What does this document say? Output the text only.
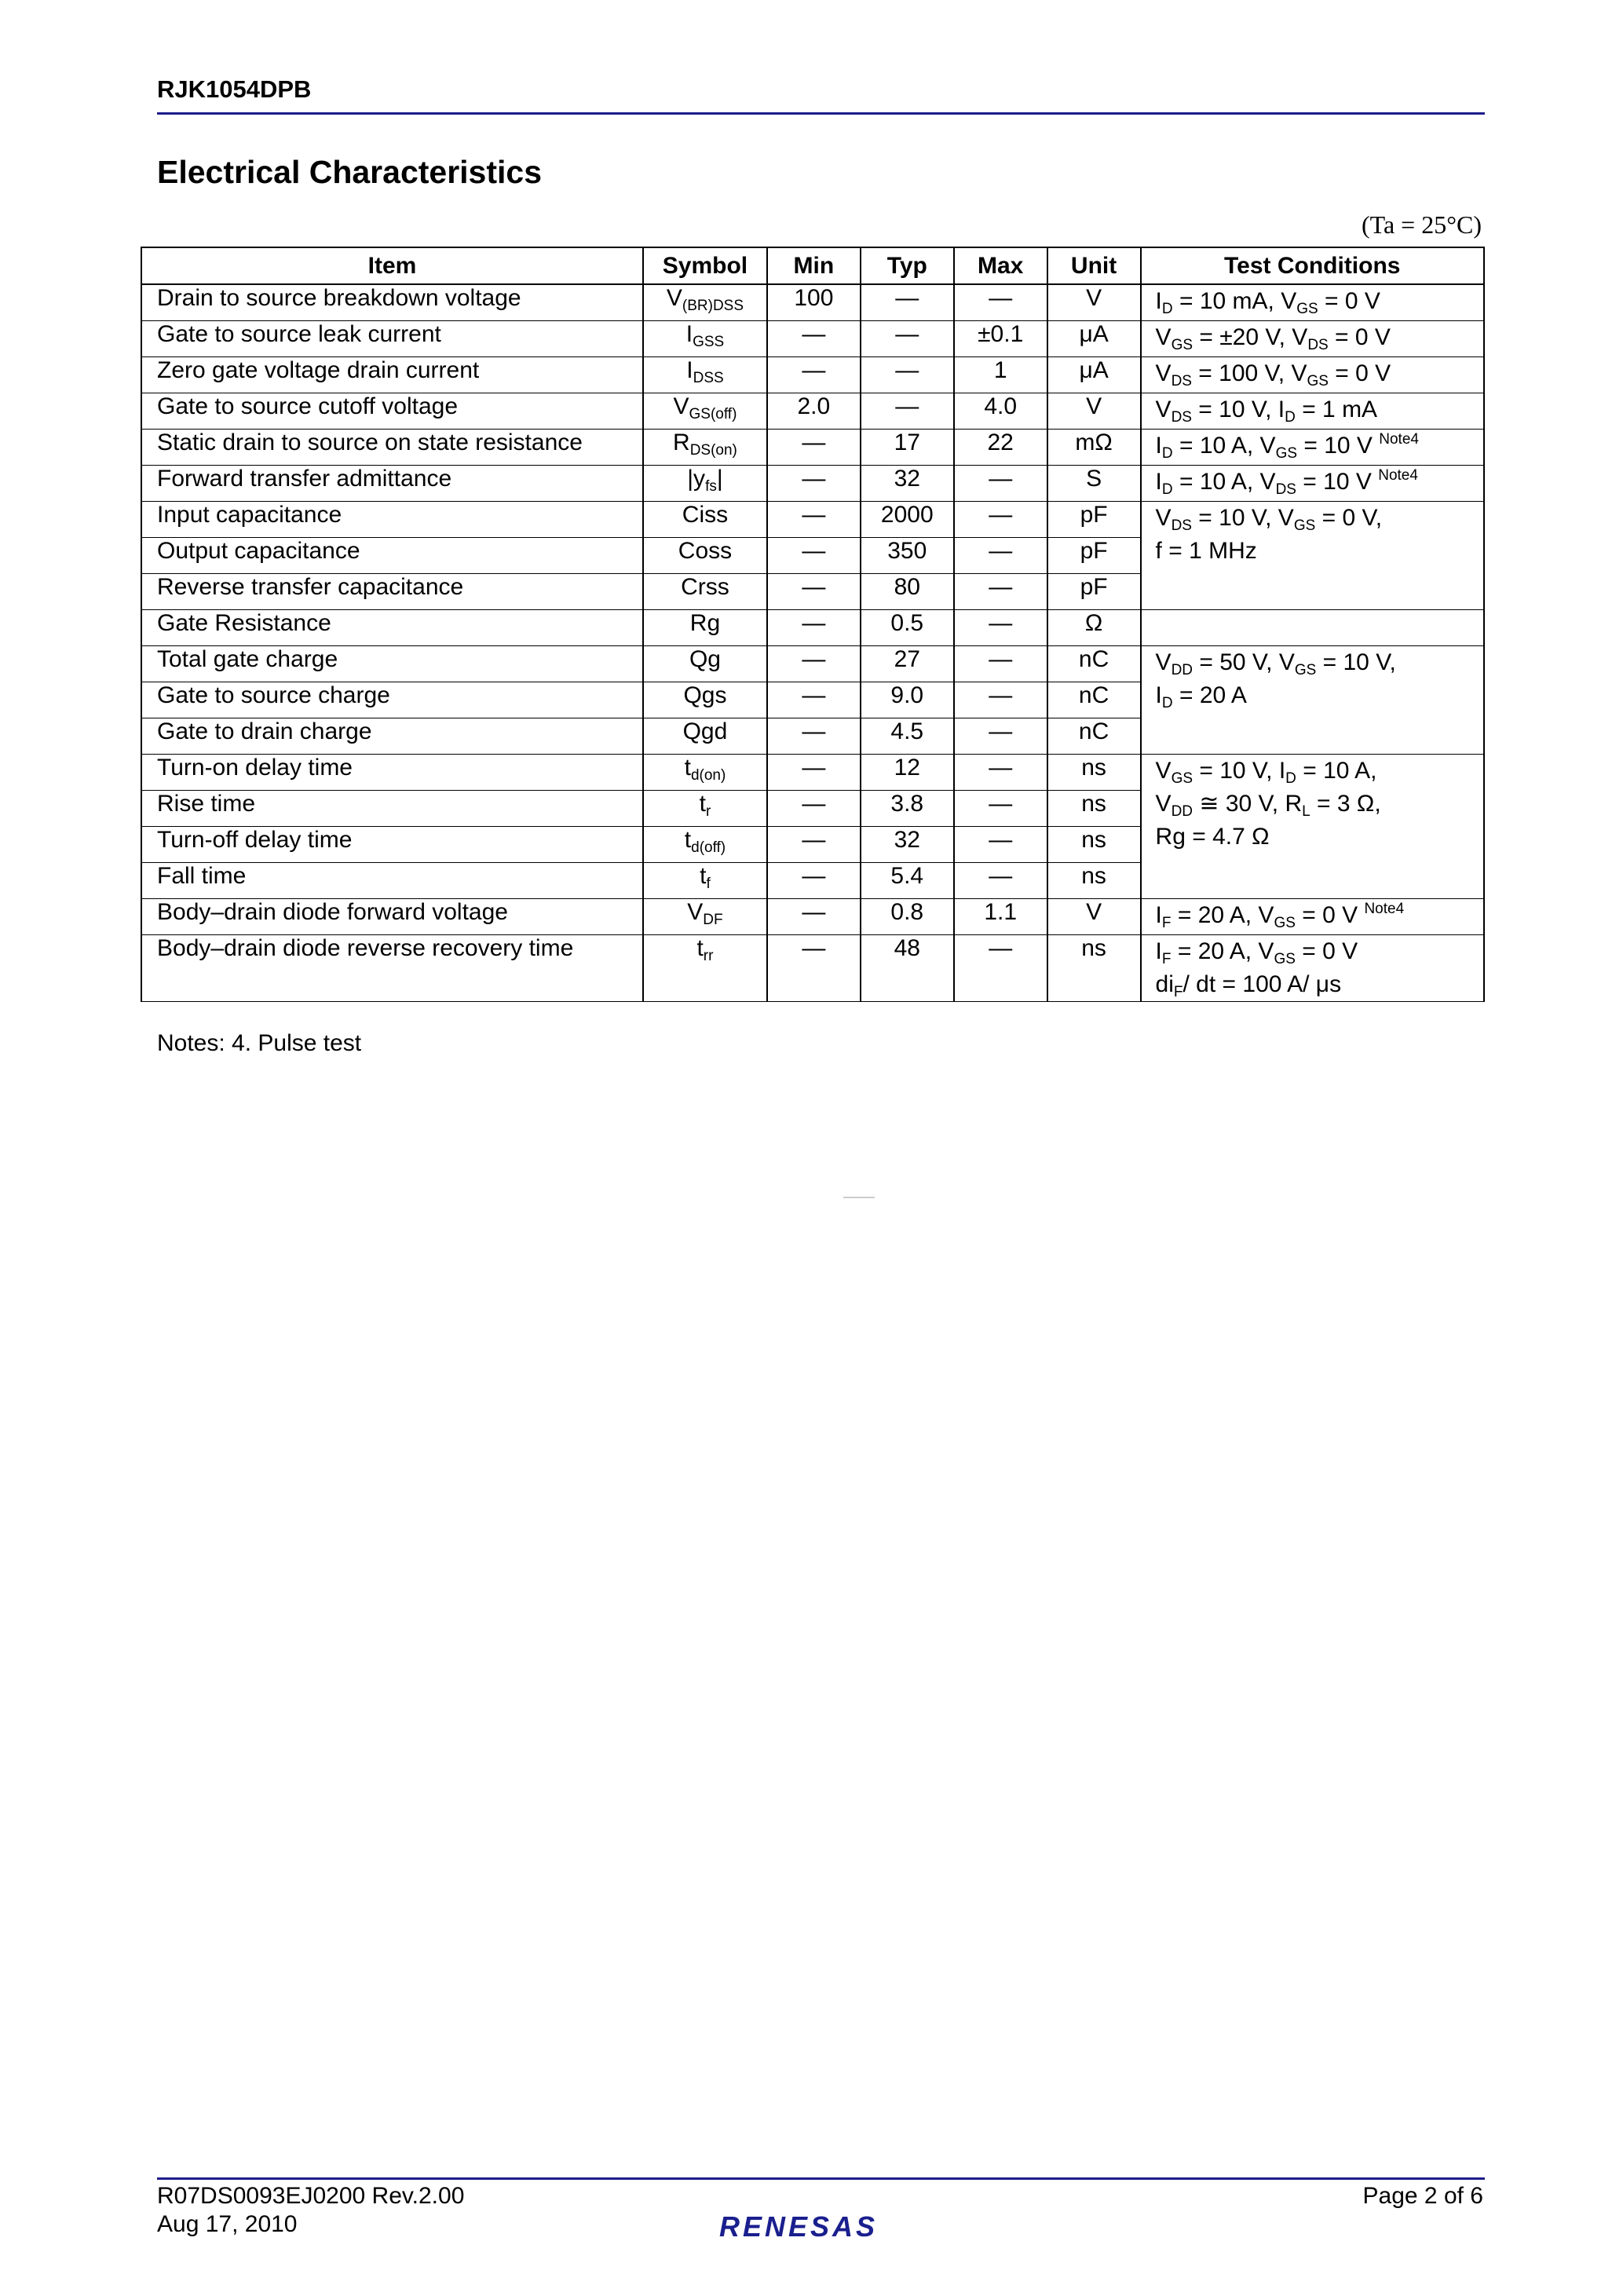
RJK1054DPB
Electrical Characteristics
(Ta = 25°C)
Item	Symbol	Min	Typ	Max	Unit	Test Conditions
Drain to source breakdown voltage	$V_{(BR)DSS}$	100	—	—	V	$I_D = 10$ mA, $V_{GS} = 0$ V

Gate to source leak current	$I_{GSS}$	—	—	±0.1	μA	$V_{GS} = \pm 20$ V, $V_{DS} = 0$ V

Zero gate voltage drain current	$I_{DSS}$	—	—	1	μA	$V_{DS} = 100$ V, $V_{GS} = 0$ V

Gate to source cutoff voltage	$V_{GS(off)}$	2.0	—	4.0	V	$V_{DS} = 10$ V, $I_D = 1$ mA

Static drain to source on state resistance	$R_{DS(on)}$	—	17	22	mΩ	$I_D = 10$ A, $V_{GS} = 10$ V $^{Note4}$

Forward transfer admittance	$|y_{fs}|$	—	32	—	S	$I_D = 10$ A, $V_{DS} = 10$ V $^{Note4}$

Input capacitance	Ciss	—	2000	—	pF	$V_{DS} = 10$ V, $V_{GS} = 0$ V,
f = 1 MHz

Output capacitance	Coss	—	350	—	pF	
Reverse transfer capacitance	Crss	—	80	—	pF	
Gate Resistance	Rg	—	0.5	—	Ω	
Total gate charge	Qg	—	27	—	nC	$V_{DD} = 50$ V, $V_{GS} = 10$ V,
$I_D = 20$ A

Gate to source charge	Qgs	—	9.0	—	nC	
Gate to drain charge	Qgd	—	4.5	—	nC	
Turn-on delay time	$t_{d(on)}$	—	12	—	ns	$V_{GS} = 10$ V, $I_D = 10$ A,
$V_{DD}$ ≅ 30 V, $R_L = 3$ Ω,
Rg = 4.7 Ω

Rise time	$t_r$	—	3.8	—	ns	
Turn-off delay time	$t_{d(off)}$	—	32	—	ns	
Fall time	$t_f$	—	5.4	—	ns	
Body–drain diode forward voltage	$V_{DF}$	—	0.8	1.1	V	$I_F = 20$ A, $V_{GS} = 0$ V $^{Note4}$

Body–drain diode reverse recovery time	$t_{rr}$	—	48	—	ns	$I_F = 20$ A, $V_{GS} = 0$ V
$di_F/$ dt = 100 A/ μs
Notes: 4. Pulse test
R07DS0093EJ0200 Rev.2.00
Aug 17, 2010
Page 2 of 6
RENESAS
